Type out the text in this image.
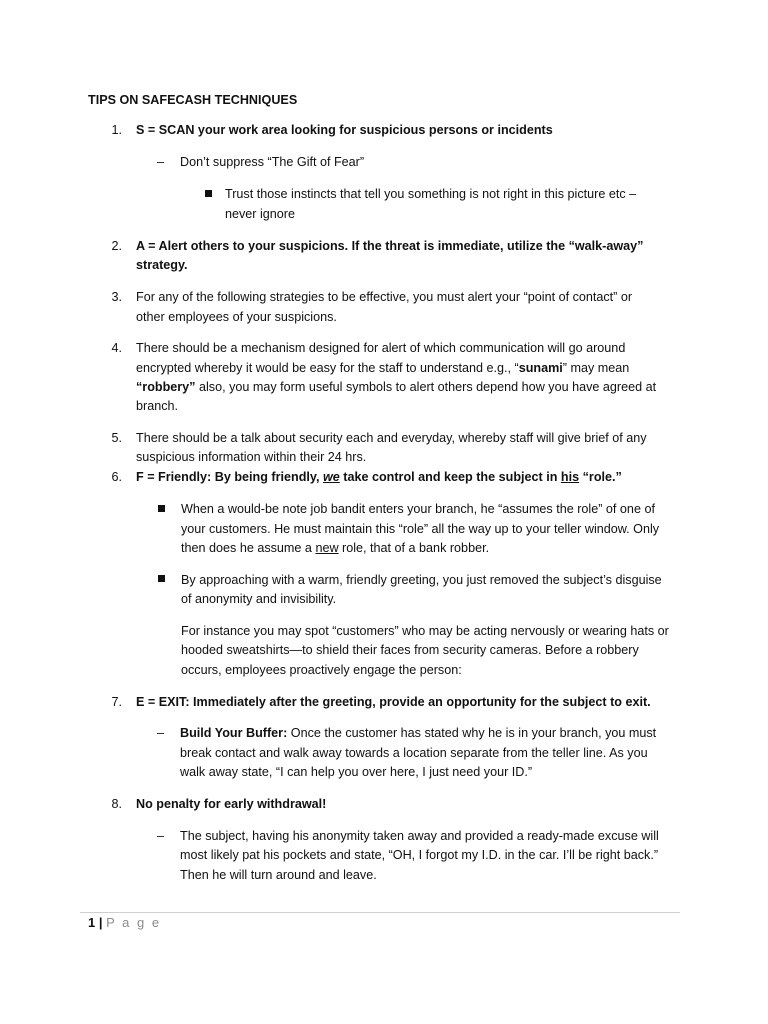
TIPS ON SAFECASH TECHNIQUES
1. S = SCAN your work area looking for suspicious persons or incidents
– Don’t suppress “The Gift of Fear”
Trust those instincts that tell you something is not right in this picture etc –
never ignore
2. A = Alert others to your suspicions. If the threat is immediate, utilize the “walk-away”
strategy.
3. For any of the following strategies to be effective, you must alert your “point of contact” or
other employees of your suspicions.
4. There should be a mechanism designed for alert of which communication will go around
encrypted whereby it would be easy for the staff to understand e.g., “sunami” may mean
“robbery” also, you may form useful symbols to alert others depend how you have agreed at
branch.
5. There should be a talk about security each and everyday, whereby staff will give brief of any
suspicious information within their 24 hrs.
6. F = Friendly: By being friendly, we take control and keep the subject in his “role.”
When a would-be note job bandit enters your branch, he “assumes the role” of one of
your customers. He must maintain this “role” all the way up to your teller window. Only
then does he assume a new role, that of a bank robber.
By approaching with a warm, friendly greeting, you just removed the subject’s disguise
of anonymity and invisibility.
For instance you may spot “customers” who may be acting nervously or wearing hats or
hooded sweatshirts—to shield their faces from security cameras. Before a robbery
occurs, employees proactively engage the person:
7. E = EXIT: Immediately after the greeting, provide an opportunity for the subject to exit.
– Build Your Buffer: Once the customer has stated why he is in your branch, you must
break contact and walk away towards a location separate from the teller line. As you
walk away state, “I can help you over here, I just need your ID.”
8. No penalty for early withdrawal!
– The subject, having his anonymity taken away and provided a ready-made excuse will
most likely pat his pockets and state, “OH, I forgot my I.D. in the car. I’ll be right back.”
Then he will turn around and leave.
1 | P a g e
